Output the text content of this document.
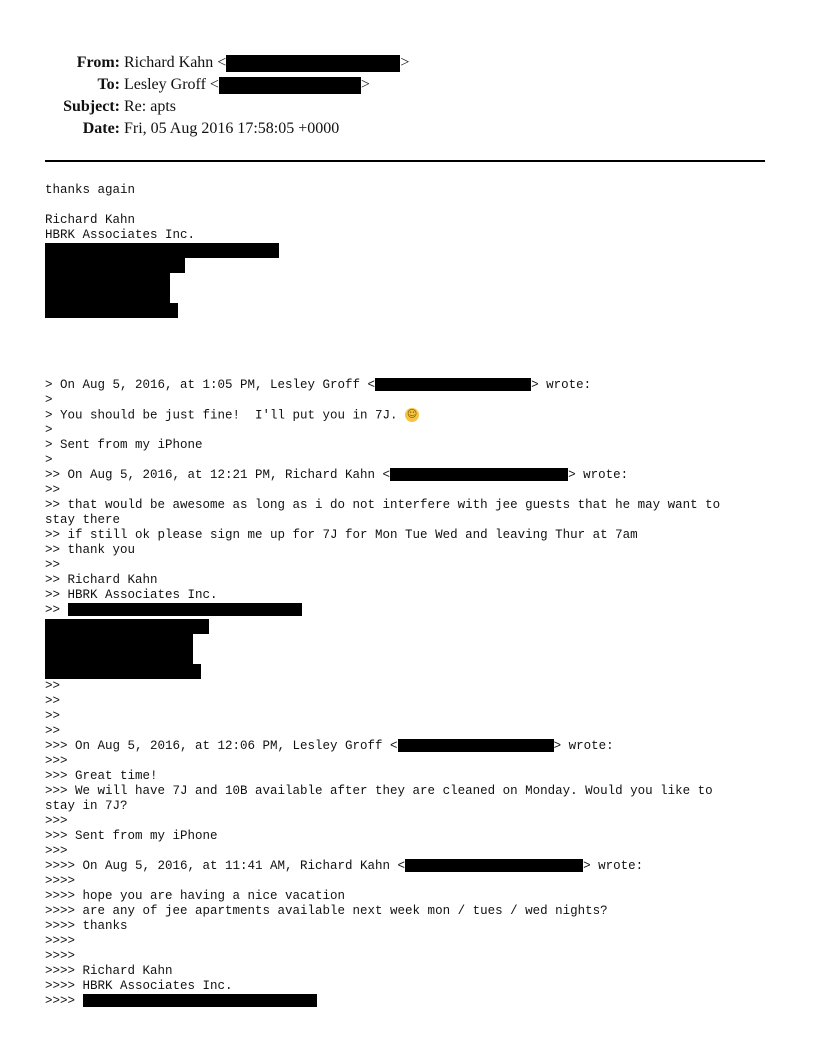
From: Richard Kahn <	>
To: Lesley Groff <	>
Subject: Re: apts
Date: Fri, 05 Aug 2016 17:58:05 +0000
thanks again
Richard Kahn
HBRK Associates Inc.
> On Aug 5, 2016, at 1:05 PM, Lesley Groff <	> wrote:
>
> You should be just fine!  I'll put you in 7J. ☺
>
> Sent from my iPhone
>
>> On Aug 5, 2016, at 12:21 PM, Richard Kahn <	> wrote:
>>
>> that would be awesome as long as i do not interfere with jee guests that he may want to
stay there
>> if still ok please sign me up for 7J for Mon Tue Wed and leaving Thur at 7am
>> thank you
>>
>> Richard Kahn
>> HBRK Associates Inc.
>>
>>
>>
>>
>>
>>> On Aug 5, 2016, at 12:06 PM, Lesley Groff <	> wrote:
>>>
>>> Great time!
>>> We will have 7J and 10B available after they are cleaned on Monday. Would you like to
stay in 7J?
>>>
>>> Sent from my iPhone
>>>
>>>> On Aug 5, 2016, at 11:41 AM, Richard Kahn <	> wrote:
>>>>
>>>> hope you are having a nice vacation
>>>> are any of jee apartments available next week mon / tues / wed nights?
>>>> thanks
>>>>
>>>>
>>>> Richard Kahn
>>>> HBRK Associates Inc.
>>>>
